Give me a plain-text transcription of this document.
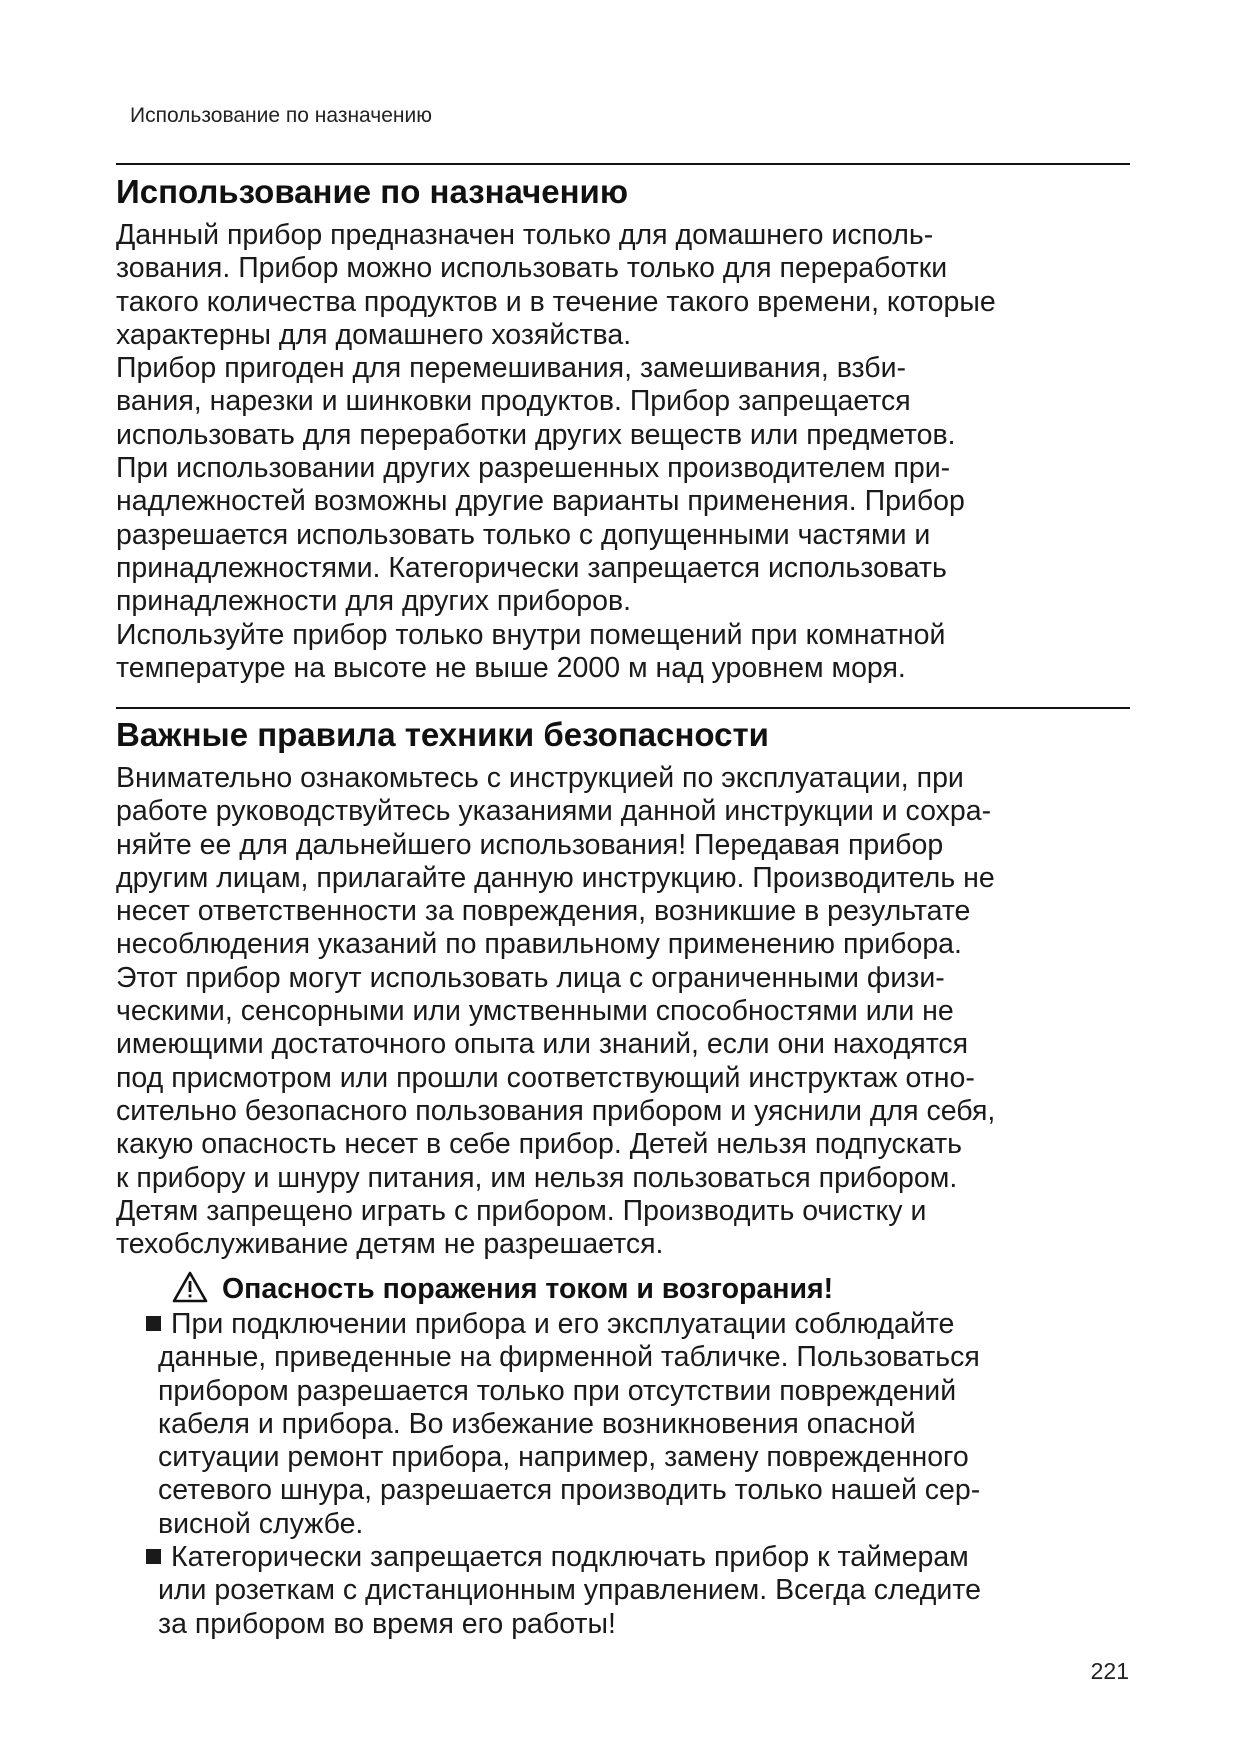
Использование по назначению
Использование по назначению
Данный прибор предназначен только для домашнего исполь-
зования. Прибор можно использовать только для переработки
такого количества продуктов и в течение такого времени, которые
характерны для домашнего хозяйства.
Прибор пригоден для перемешивания, замешивания, взби-
вания, нарезки и шинковки продуктов. Прибор запрещается
использовать для переработки других веществ или предметов.
При использовании других разрешенных производителем при-
надлежностей возможны другие варианты применения. Прибор
разрешается использовать только с допущенными частями и
принадлежностями. Категорически запрещается использовать
принадлежности для других приборов.
Используйте прибор только внутри помещений при комнатной
температуре на высоте не выше 2000 м над уровнем моря.
Важные правила техники безопасности
Внимательно ознакомьтесь с инструкцией по эксплуатации, при
работе руководствуйтесь указаниями данной инструкции и сохра-
няйте ее для дальнейшего использования! Передавая прибор
другим лицам, прилагайте данную инструкцию. Производитель не
несет ответственности за повреждения, возникшие в результате
несоблюдения указаний по правильному применению прибора.
Этот прибор могут использовать лица с ограниченными физи-
ческими, сенсорными или умственными способностями или не
имеющими достаточного опыта или знаний, если они находятся
под присмотром или прошли соответствующий инструктаж отно-
сительно безопасного пользования прибором и уяснили для себя,
какую опасность несет в себе прибор. Детей нельзя подпускать
к прибору и шнуру питания, им нельзя пользоваться прибором.
Детям запрещено играть с прибором. Производить очистку и
техобслуживание детям не разрешается.
Опасность поражения током и возгорания!
При подключении прибора и его эксплуатации соблюдайте
данные, приведенные на фирменной табличке. Пользоваться
прибором разрешается только при отсутствии повреждений
кабеля и прибора. Во избежание возникновения опасной
ситуации ремонт прибора, например, замену поврежденного
сетевого шнура, разрешается производить только нашей сер-
висной службе.
Категорически запрещается подключать прибор к таймерам
или розеткам с дистанционным управлением. Всегда следите
за прибором во время его работы!
221
